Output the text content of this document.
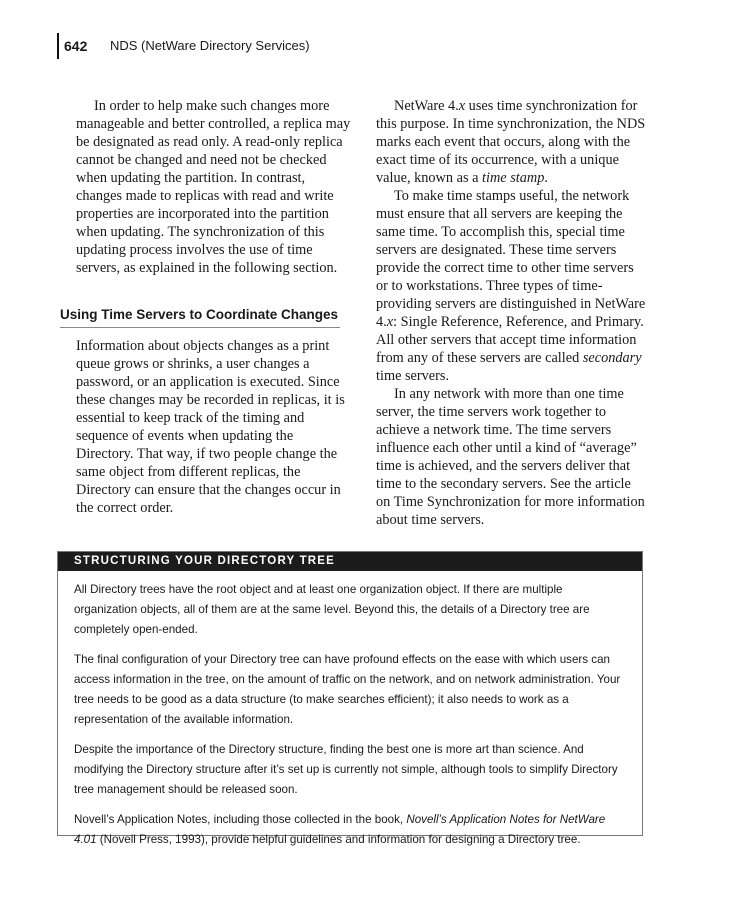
642 NDS (NetWare Directory Services)

In order to help make such changes more manageable and better controlled, a replica may be designated as read only. A read-only replica cannot be changed and need not be checked when updating the partition. In contrast, changes made to replicas with read and write properties are incorporated into the partition when updating. The synchronization of this updating process involves the use of time servers, as explained in the following section.

Using Time Servers to Coordinate Changes

Information about objects changes as a print queue grows or shrinks, a user changes a password, or an application is executed. Since these changes may be recorded in replicas, it is essential to keep track of the timing and sequence of events when updating the Directory. That way, if two people change the same object from different replicas, the Directory can ensure that the changes occur in the correct order.

NetWare 4.x uses time synchronization for this purpose. In time synchronization, the NDS marks each event that occurs, along with the exact time of its occurrence, with a unique value, known as a time stamp.

To make time stamps useful, the network must ensure that all servers are keeping the same time. To accomplish this, special time servers are designated. These time servers provide the correct time to other time servers or to workstations. Three types of time-providing servers are distinguished in NetWare 4.x: Single Reference, Reference, and Primary. All other servers that accept time information from any of these servers are called secondary time servers.

In any network with more than one time server, the time servers work together to achieve a network time. The time servers influence each other until a kind of “average” time is achieved, and the servers deliver that time to the secondary servers. See the article on Time Synchronization for more information about time servers.

STRUCTURING YOUR DIRECTORY TREE

All Directory trees have the root object and at least one organization object. If there are multiple organization objects, all of them are at the same level. Beyond this, the details of a Directory tree are completely open-ended.

The final configuration of your Directory tree can have profound effects on the ease with which users can access information in the tree, on the amount of traffic on the network, and on network administration. Your tree needs to be good as a data structure (to make searches efficient); it also needs to work as a representation of the available information.

Despite the importance of the Directory structure, finding the best one is more art than science. And modifying the Directory structure after it’s set up is currently not simple, although tools to simplify Directory tree management should be released soon.

Novell’s Application Notes, including those collected in the book, Novell’s Application Notes for NetWare 4.01 (Novell Press, 1993), provide helpful guidelines and information for designing a Directory tree.
